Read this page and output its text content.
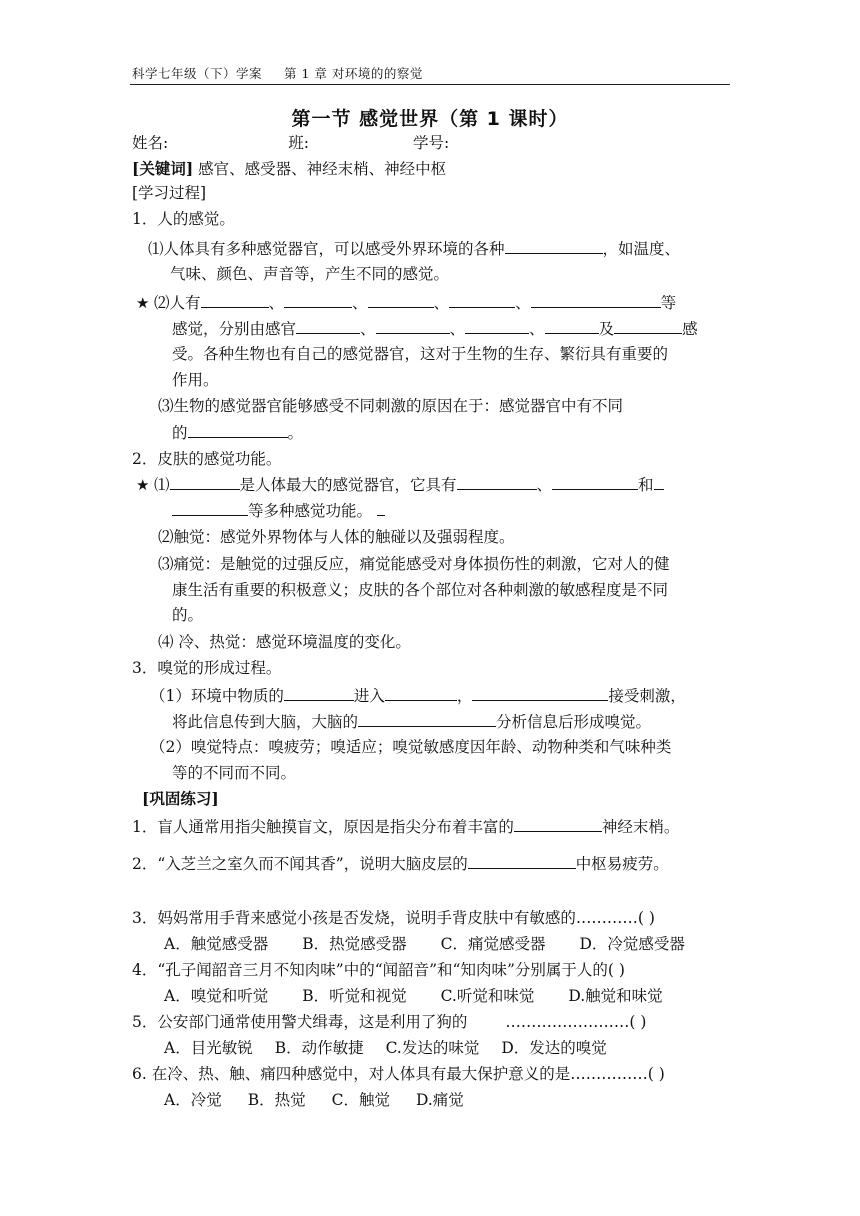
科学七年级（下）学案 第 1 章 对环境的的察觉
第一节 感觉世界（第 1 课时）
姓名:	班:	学号:
[关键词] 感官、感受器、神经末梢、神经中枢
[学习过程]
1．人的感觉。
⑴人体具有多种感觉器官，可以感受外界环境的各种	，如温度、
气味、颜色、声音等，产生不同的感觉。
★ ⑵人有	、	、	、	、	等
感觉，分别由感官	、	、	、	及	感
受。各种生物也有自己的感觉器官，这对于生物的生存、繁衍具有重要的
作用。
⑶生物的感觉器官能够感受不同刺激的原因在于：感觉器官中有不同
的	。
2．皮肤的感觉功能。
★ ⑴	是人体最大的感觉器官，它具有	、	和
等多种感觉功能。
⑵触觉：感觉外界物体与人体的触碰以及强弱程度。
⑶痛觉：是触觉的过强反应，痛觉能感受对身体损伤性的刺激，它对人的健
康生活有重要的积极意义；皮肤的各个部位对各种刺激的敏感程度是不同
的。
⑷ 冷、热觉：感觉环境温度的变化。
3．嗅觉的形成过程。
（1）环境中物质的	进入	，	接受刺激，
将此信息传到大脑，大脑的	分析信息后形成嗅觉。
（2）嗅觉特点：嗅疲劳；嗅适应；嗅觉敏感度因年龄、动物种类和气味种类
等的不同而不同。
[巩固练习]
1．盲人通常用指尖触摸盲文，原因是指尖分布着丰富的	神经末梢。
2．“入芝兰之室久而不闻其香”，说明大脑皮层的	中枢易疲劳。
3．妈妈常用手背来感觉小孩是否发烧，说明手背皮肤中有敏感的…………( )
A．触觉感受器 B．热觉感受器 C．痛觉感受器 D．冷觉感受器
4．“孔子闻韶音三月不知肉味”中的“闻韶音”和“知肉味”分别属于人的( )
A．嗅觉和听觉 B．听觉和视觉 C.听觉和味觉 D.触觉和味觉
5．公安部门通常使用警犬缉毒，这是利用了狗的 ……………………( )
A．目光敏锐 B．动作敏捷 C.发达的味觉 D．发达的嗅觉
6. 在冷、热、触、痛四种感觉中，对人体具有最大保护意义的是……………( )
A．冷觉 B．热觉 C．触觉 D.痛觉
